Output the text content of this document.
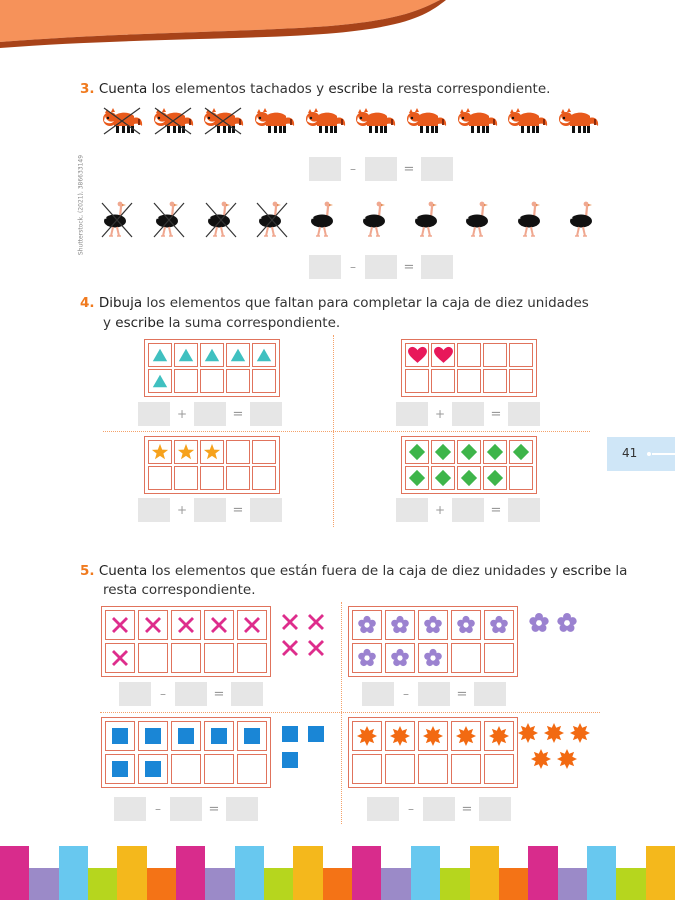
Shutterstock, (2021), 386633149
3. Cuenta los elementos tachados y escribe la resta correspondiente.
–	=
–	=
4. Dibuja los elementos que faltan para completar la caja de diez unidades
y escribe la suma correspondiente.
+	=	+	=
+	=	+	=
41
5. Cuenta los elementos que están fuera de la caja de diez unidades y escribe la
resta correspondiente.
–	=	–	=
–	=	–	=
